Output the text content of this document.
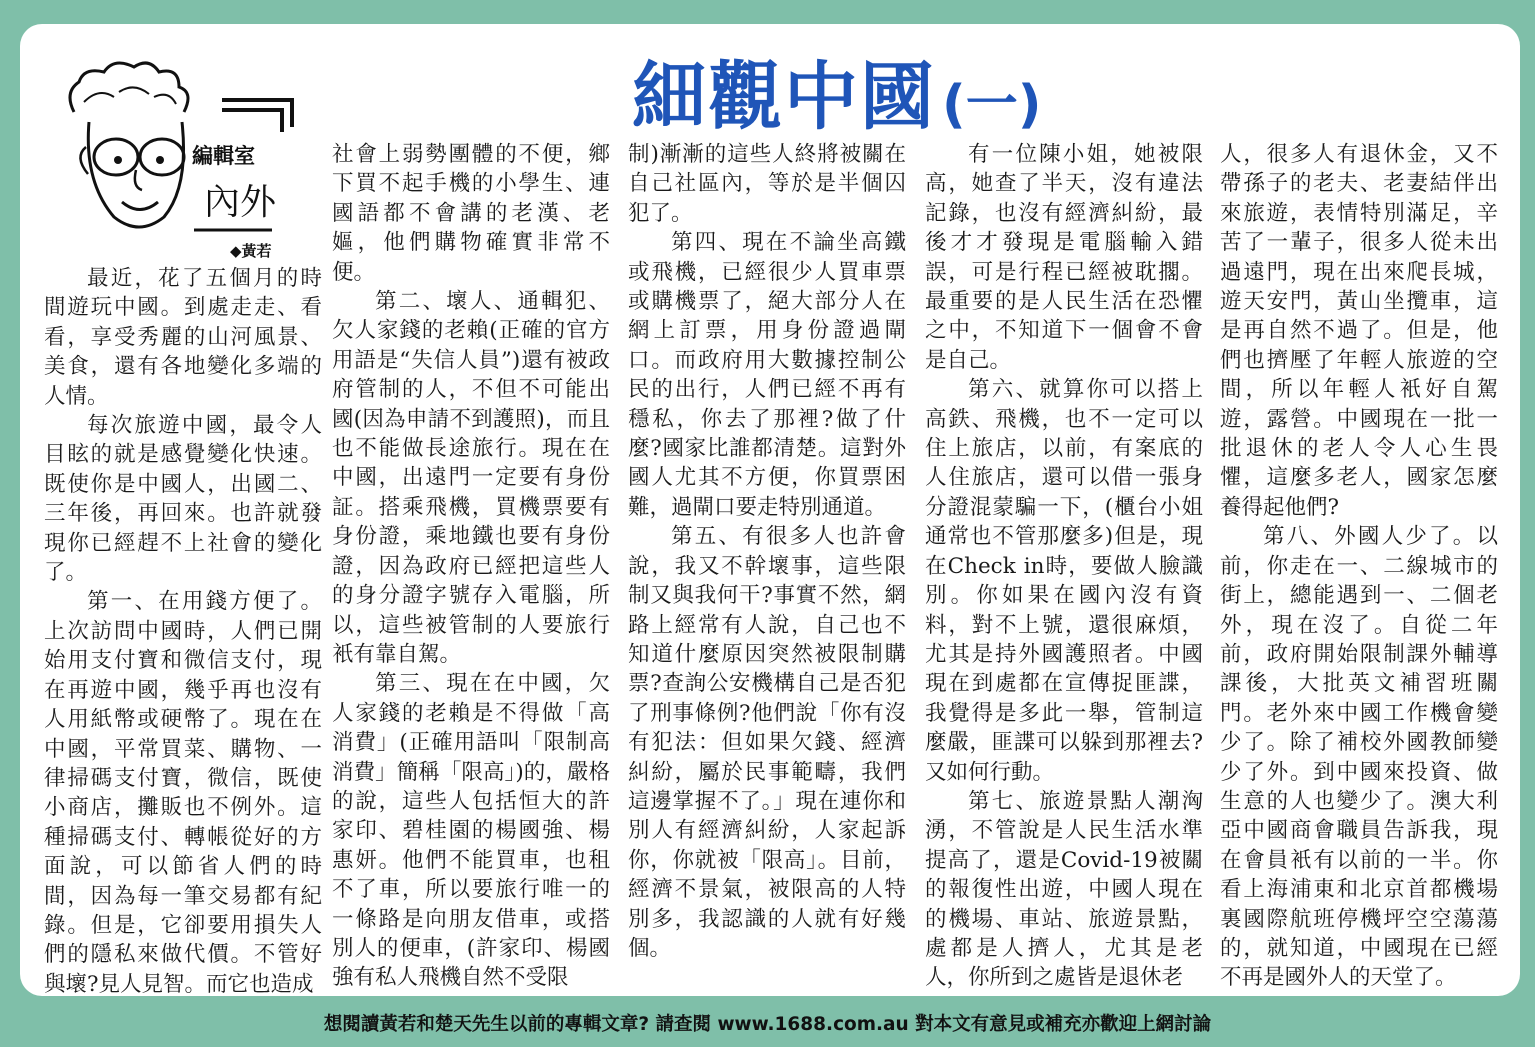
細觀中國 (一)
編輯室
內外
◆黃若

最近，花了五個月的時間遊玩中國。到處走走、看看，享受秀麗的山河風景、美食，還有各地變化多端的人情。

每次旅遊中國，最令人目眩的就是感覺變化快速。既使你是中國人，出國二、三年後，再回來。也許就發現你已經趕不上社會的變化了。

第一、在用錢方便了。上次訪問中國時，人們已開始用支付寶和微信支付，現在再遊中國，幾乎再也沒有人用紙幣或硬幣了。現在在中國，平常買菜、購物、一律掃碼支付寶，微信，既使小商店，攤販也不例外。這種掃碼支付、轉帳從好的方面說，可以節省人們的時間，因為每一筆交易都有紀錄。但是，它卻要用損失人們的隱私來做代價。不管好與壞?見人見智。而它也造成

社會上弱勢團體的不便，鄉下買不起手機的小學生、連國語都不會講的老漢、老嫗，他們購物確實非常不便。

第二、壞人、通輯犯、欠人家錢的老賴(正確的官方用語是“失信人員”)還有被政府管制的人，不但不可能出國(因為申請不到護照)，而且也不能做長途旅行。現在在中國，出遠門一定要有身份証。搭乘飛機，買機票要有身份證，乘地鐵也要有身份證，因為政府已經把這些人的身分證字號存入電腦，所以，這些被管制的人要旅行衹有靠自駕。

第三、現在在中國，欠人家錢的老賴是不得做「高消費」(正確用語叫「限制高消費」簡稱「限高」)的，嚴格的說，這些人包括恒大的許家印、碧桂園的楊國強、楊惠妍。他們不能買車，也租不了車，所以要旅行唯一的一條路是向朋友借車，或搭別人的便車，(許家印、楊國強有私人飛機自然不受限

制)漸漸的這些人終將被關在自己社區內，等於是半個囚犯了。

第四、現在不論坐高鐵或飛機，已經很少人買車票或購機票了，絕大部分人在網上訂票，用身份證過閘口。而政府用大數據控制公民的出行，人們已經不再有穩私，你去了那裡?做了什麼?國家比誰都清楚。這對外國人尤其不方便，你買票困難，過閘口要走特別通道。

第五、有很多人也許會說，我又不幹壞事，這些限制又與我何干?事實不然，網路上經常有人說，自己也不知道什麼原因突然被限制購票?查詢公安機構自己是否犯了刑事條例?他們說「你有沒有犯法：但如果欠錢、經濟糾紛，屬於民事範疇，我們這邊掌握不了。」現在連你和別人有經濟糾紛，人家起訴你，你就被「限高」。目前，經濟不景氣，被限高的人特別多，我認識的人就有好幾個。

有一位陳小姐，她被限高，她查了半天，沒有違法記錄，也沒有經濟糾紛，最後才才發現是電腦輸入錯誤，可是行程已經被耽擱。最重要的是人民生活在恐懼之中，不知道下一個會不會是自己。

第六、就算你可以搭上高鉄、飛機，也不一定可以住上旅店，以前，有案底的人住旅店，還可以借一張身分證混蒙騙一下，(櫃台小姐通常也不管那麼多)但是，現在Check in時，要做人臉識別。你如果在國內沒有資料，對不上號，還很麻煩，尤其是持外國護照者。中國現在到處都在宣傳捉匪諜，我覺得是多此一舉，管制這麼嚴，匪諜可以躲到那裡去?又如何行動。

第七、旅遊景點人潮洶湧，不管說是人民生活水準提高了，還是Covid-19被關的報復性出遊，中國人現在的機場、車站、旅遊景點，處都是人擠人，尤其是老人，你所到之處皆是退休老

人，很多人有退休金，又不帶孫子的老夫、老妻結伴出來旅遊，表情特別滿足，辛苦了一輩子，很多人從未出過遠門，現在出來爬長城，遊天安門，黃山坐攬車，這是再自然不過了。但是，他們也擠壓了年輕人旅遊的空間，所以年輕人衹好自駕遊，露營。中國現在一批一批退休的老人令人心生畏懼，這麼多老人，國家怎麼養得起他們?

第八、外國人少了。以前，你走在一、二線城市的街上，總能遇到一、二個老外，現在沒了。自從二年前，政府開始限制課外輔導課後，大批英文補習班關門。老外來中國工作機會變少了。除了補校外國教師變少了外。到中國來投資、做生意的人也變少了。澳大利亞中國商會職員告訴我，現在會員衹有以前的一半。你看上海浦東和北京首都機場裏國際航班停機坪空空蕩蕩的，就知道，中國現在已經不再是國外人的天堂了。

想閱讀黃若和楚天先生以前的專輯文章? 請查閱 www.1688.com.au 對本文有意見或補充亦歡迎上網討論
